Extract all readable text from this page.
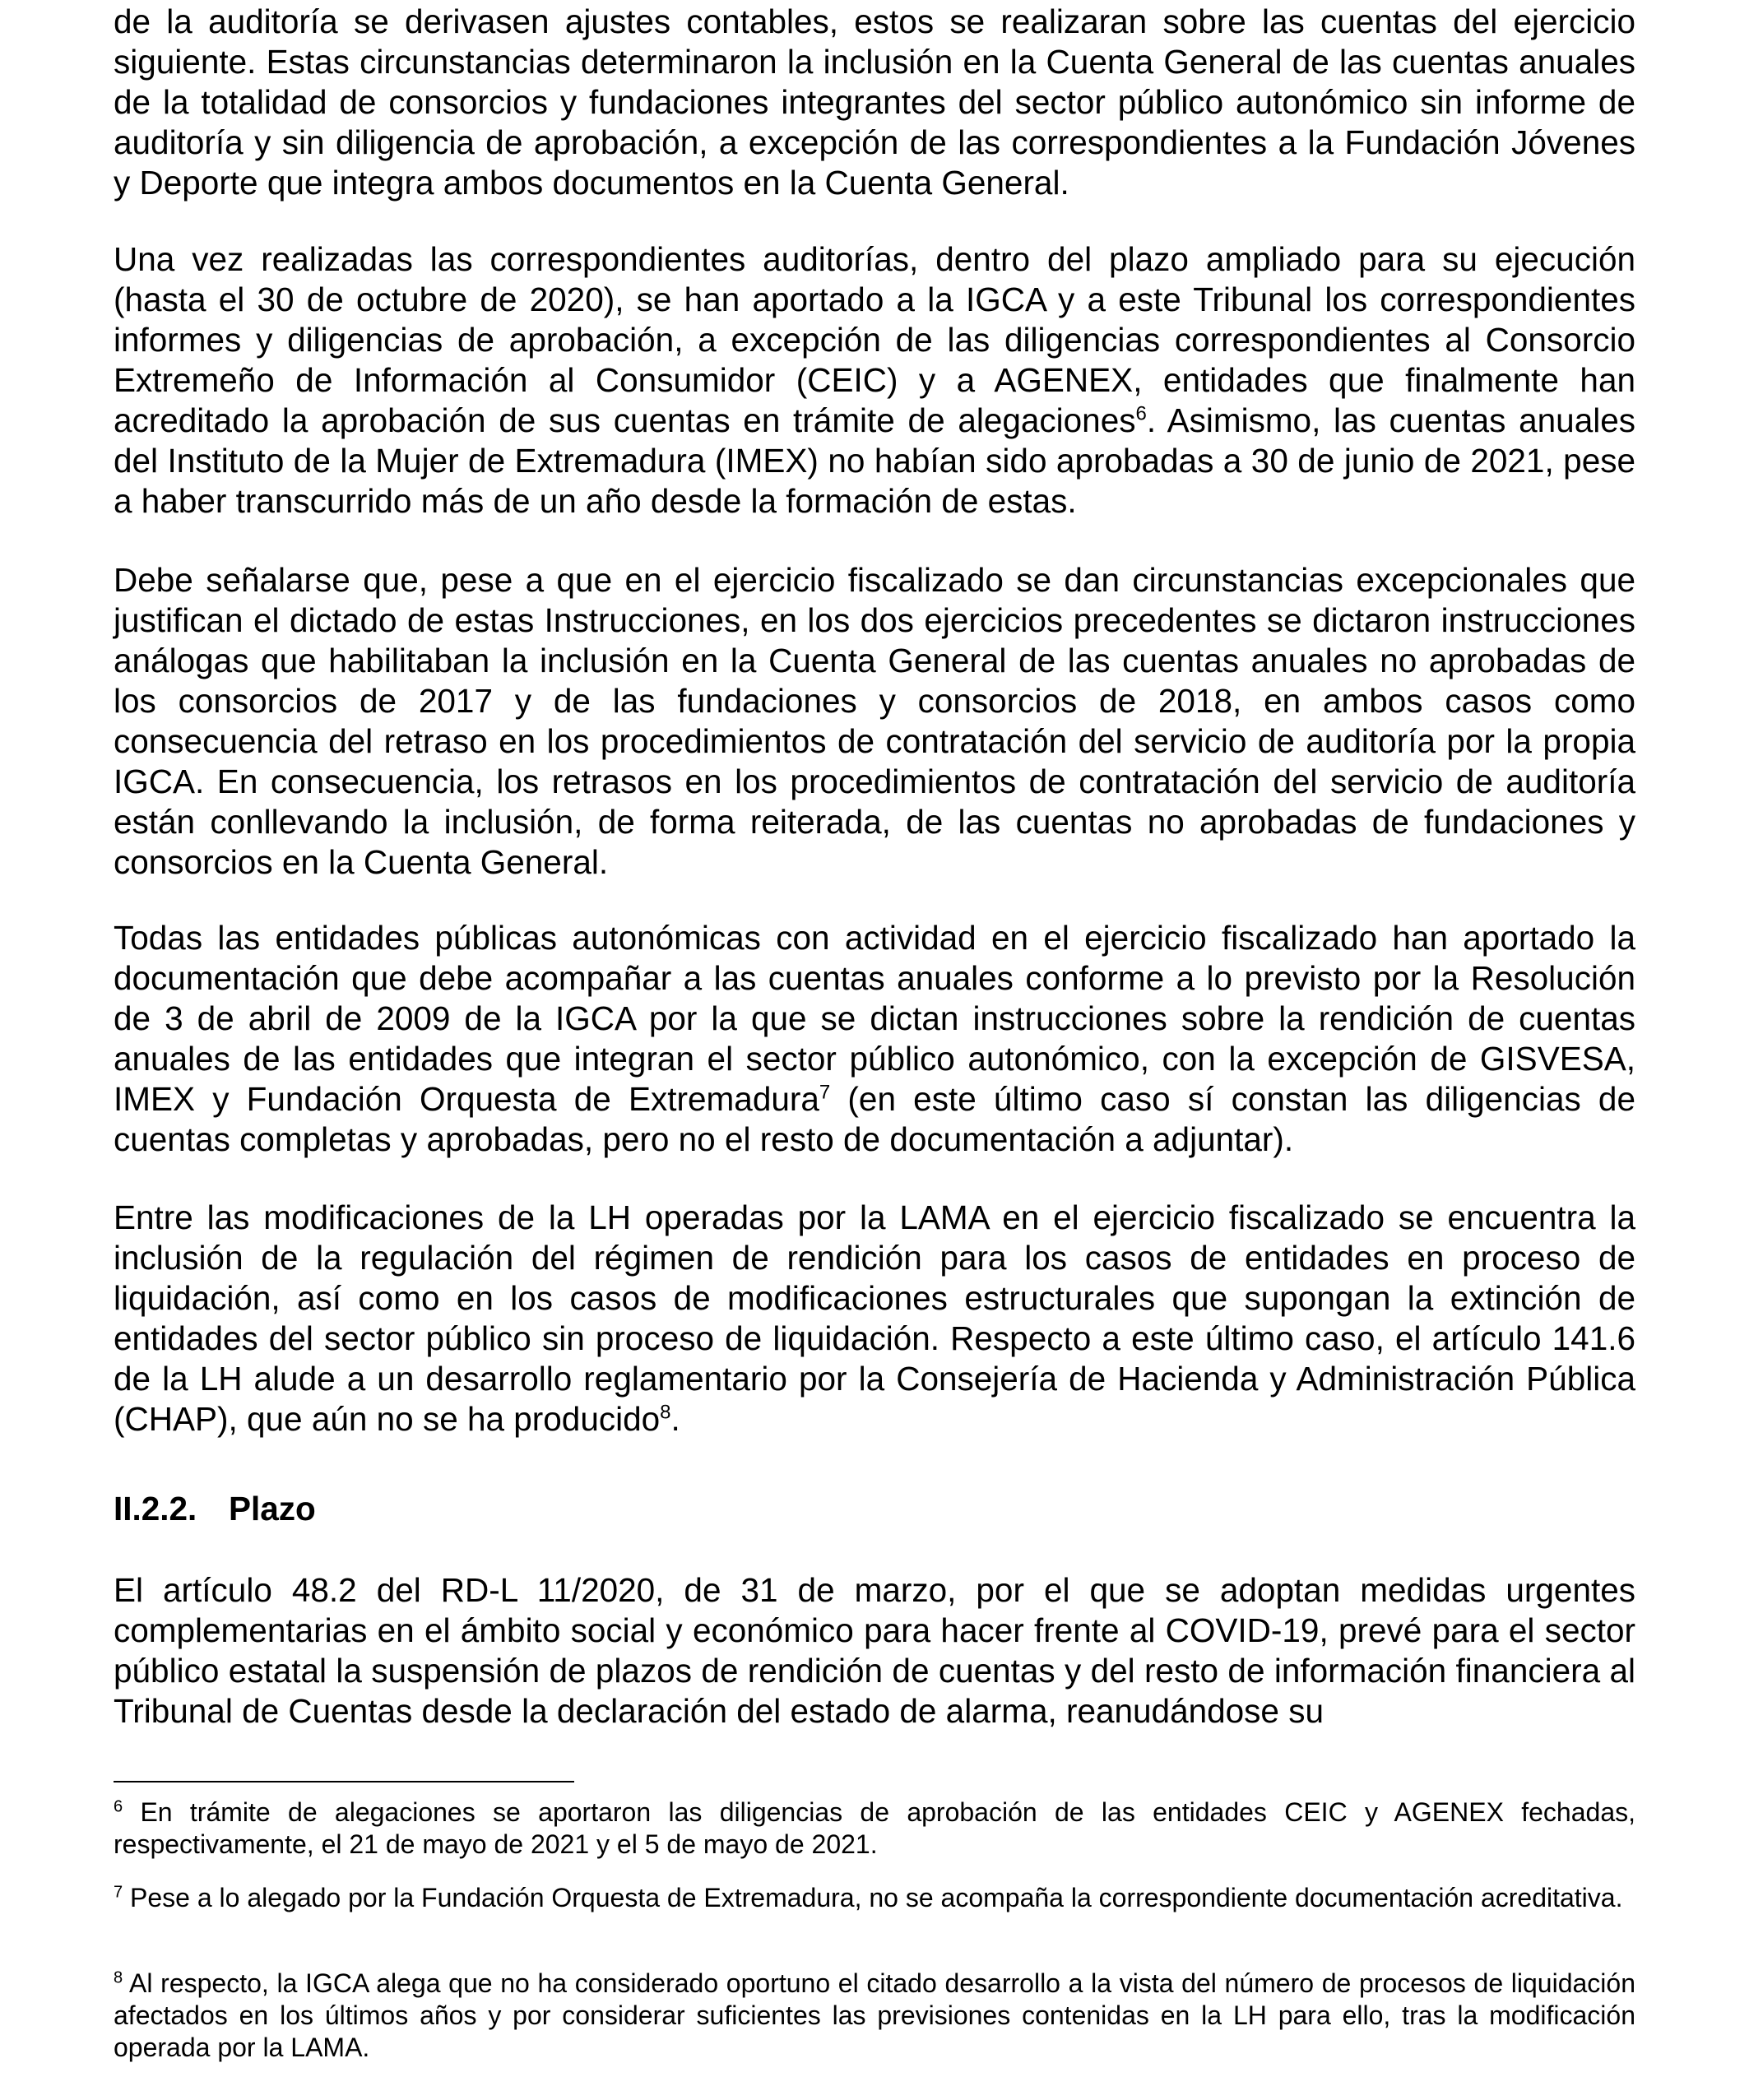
de la auditoría se derivasen ajustes contables, estos se realizaran sobre las cuentas del ejercicio siguiente. Estas circunstancias determinaron la inclusión en la Cuenta General de las cuentas anuales de la totalidad de consorcios y fundaciones integrantes del sector público autonómico sin informe de auditoría y sin diligencia de aprobación, a excepción de las correspondientes a la Fundación Jóvenes y Deporte que integra ambos documentos en la Cuenta General.

Una vez realizadas las correspondientes auditorías, dentro del plazo ampliado para su ejecución (hasta el 30 de octubre de 2020), se han aportado a la IGCA y a este Tribunal los correspondientes informes y diligencias de aprobación, a excepción de las diligencias correspondientes al Consorcio Extremeño de Información al Consumidor (CEIC) y a AGENEX, entidades que finalmente han acreditado la aprobación de sus cuentas en trámite de alegaciones$^6$. Asimismo, las cuentas anuales del Instituto de la Mujer de Extremadura (IMEX) no habían sido aprobadas a 30 de junio de 2021, pese a haber transcurrido más de un año desde la formación de estas.

Debe señalarse que, pese a que en el ejercicio fiscalizado se dan circunstancias excepcionales que justifican el dictado de estas Instrucciones, en los dos ejercicios precedentes se dictaron instrucciones análogas que habilitaban la inclusión en la Cuenta General de las cuentas anuales no aprobadas de los consorcios de 2017 y de las fundaciones y consorcios de 2018, en ambos casos como consecuencia del retraso en los procedimientos de contratación del servicio de auditoría por la propia IGCA. En consecuencia, los retrasos en los procedimientos de contratación del servicio de auditoría están conllevando la inclusión, de forma reiterada, de las cuentas no aprobadas de fundaciones y consorcios en la Cuenta General.

Todas las entidades públicas autonómicas con actividad en el ejercicio fiscalizado han aportado la documentación que debe acompañar a las cuentas anuales conforme a lo previsto por la Resolución de 3 de abril de 2009 de la IGCA por la que se dictan instrucciones sobre la rendición de cuentas anuales de las entidades que integran el sector público autonómico, con la excepción de GISVESA, IMEX y Fundación Orquesta de Extremadura$^7$ (en este último caso sí constan las diligencias de cuentas completas y aprobadas, pero no el resto de documentación a adjuntar).

Entre las modificaciones de la LH operadas por la LAMA en el ejercicio fiscalizado se encuentra la inclusión de la regulación del régimen de rendición para los casos de entidades en proceso de liquidación, así como en los casos de modificaciones estructurales que supongan la extinción de entidades del sector público sin proceso de liquidación. Respecto a este último caso, el artículo 141.6 de la LH alude a un desarrollo reglamentario por la Consejería de Hacienda y Administración Pública (CHAP), que aún no se ha producido$^8$.

II.2.2. Plazo

El artículo 48.2 del RD-L 11/2020, de 31 de marzo, por el que se adoptan medidas urgentes complementarias en el ámbito social y económico para hacer frente al COVID-19, prevé para el sector público estatal la suspensión de plazos de rendición de cuentas y del resto de información financiera al Tribunal de Cuentas desde la declaración del estado de alarma, reanudándose su

$^6$ En trámite de alegaciones se aportaron las diligencias de aprobación de las entidades CEIC y AGENEX fechadas, respectivamente, el 21 de mayo de 2021 y el 5 de mayo de 2021.

$^7$ Pese a lo alegado por la Fundación Orquesta de Extremadura, no se acompaña la correspondiente documentación acreditativa.

$^8$ Al respecto, la IGCA alega que no ha considerado oportuno el citado desarrollo a la vista del número de procesos de liquidación afectados en los últimos años y por considerar suficientes las previsiones contenidas en la LH para ello, tras la modificación operada por la LAMA.
